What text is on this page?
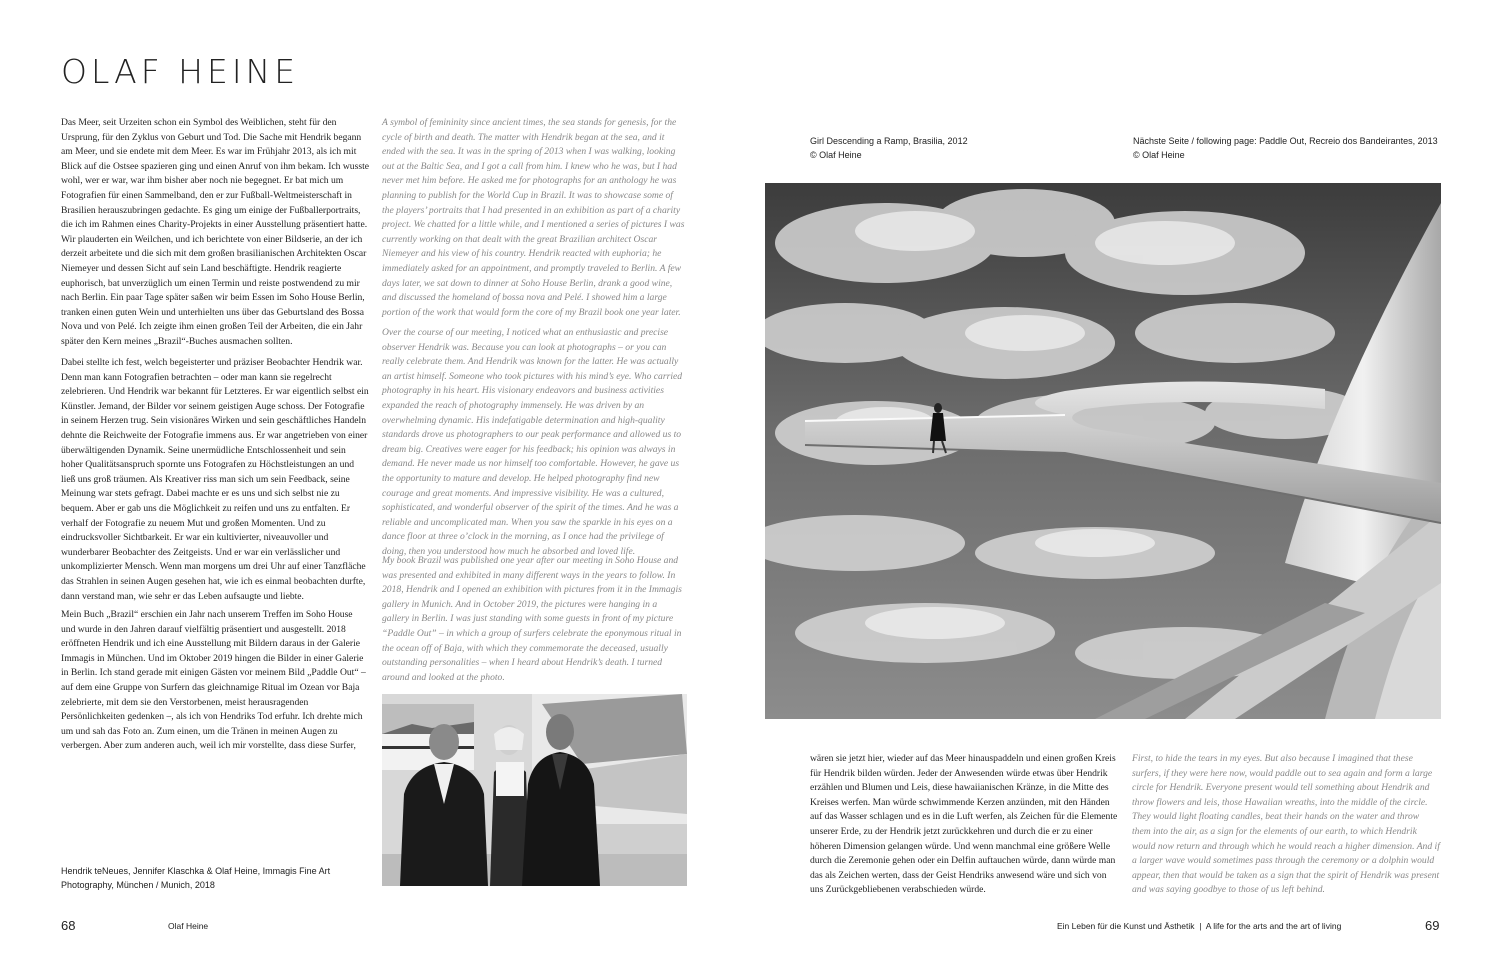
OLAF HEINE

Das Meer, seit Urzeiten schon ein Symbol des Weiblichen, steht für den Ursprung, für den Zyklus von Geburt und Tod. Die Sache mit Hendrik begann am Meer, und sie endete mit dem Meer. Es war im Frühjahr 2013, als ich mit Blick auf die Ostsee spazieren ging und einen Anruf von ihm bekam. Ich wusste wohl, wer er war, war ihm bisher aber noch nie begegnet. Er bat mich um Fotografien für einen Sammelband, den er zur Fußball-Weltmeisterschaft in Brasilien herauszubringen gedachte. Es ging um einige der Fußballerportraits, die ich im Rahmen eines Charity-Projekts in einer Ausstellung präsentiert hatte. Wir plauderten ein Weilchen, und ich berichtete von einer Bildserie, an der ich derzeit arbeitete und die sich mit dem großen brasilianischen Architekten Oscar Niemeyer und dessen Sicht auf sein Land beschäftigte. Hendrik reagierte euphorisch, bat unverzüglich um einen Termin und reiste postwendend zu mir nach Berlin. Ein paar Tage später saßen wir beim Essen im Soho House Berlin, tranken einen guten Wein und unterhielten uns über das Geburtsland des Bossa Nova und von Pelé. Ich zeigte ihm einen großen Teil der Arbeiten, die ein Jahr später den Kern meines „Brazil“-Buches ausmachen sollten.

Dabei stellte ich fest, welch begeisterter und präziser Beobachter Hendrik war. Denn man kann Fotografien betrachten – oder man kann sie regelrecht zelebrieren. Und Hendrik war bekannt für Letzteres. Er war eigentlich selbst ein Künstler. Jemand, der Bilder vor seinem geistigen Auge schoss. Der Fotografie in seinem Herzen trug. Sein visionäres Wirken und sein geschäftliches Handeln dehnte die Reichweite der Fotografie immens aus. Er war angetrieben von einer überwältigenden Dynamik. Seine unermüdliche Entschlossenheit und sein hoher Qualitätsanspruch spornte uns Fotografen zu Höchstleistungen an und ließ uns groß träumen. Als Kreativer riss man sich um sein Feedback, seine Meinung war stets gefragt. Dabei machte er es uns und sich selbst nie zu bequem. Aber er gab uns die Möglichkeit zu reifen und uns zu entfalten. Er verhalf der Fotografie zu neuem Mut und großen Momenten. Und zu eindrucksvoller Sichtbarkeit. Er war ein kultivierter, niveauvoller und wunderbarer Beobachter des Zeitgeists. Und er war ein verlässlicher und unkomplizierter Mensch. Wenn man morgens um drei Uhr auf einer Tanzfläche das Strahlen in seinen Augen gesehen hat, wie ich es einmal beobachten durfte, dann verstand man, wie sehr er das Leben aufsaugte und liebte.

Mein Buch „Brazil“ erschien ein Jahr nach unserem Treffen im Soho House und wurde in den Jahren darauf vielfältig präsentiert und ausgestellt. 2018 eröffneten Hendrik und ich eine Ausstellung mit Bildern daraus in der Galerie Immagis in München. Und im Oktober 2019 hingen die Bilder in einer Galerie in Berlin. Ich stand gerade mit einigen Gästen vor meinem Bild „Paddle Out“ – auf dem eine Gruppe von Surfern das gleichnamige Ritual im Ozean vor Baja zelebrierte, mit dem sie den Verstorbenen, meist herausragenden Persönlichkeiten gedenken –, als ich von Hendriks Tod erfuhr. Ich drehte mich um und sah das Foto an. Zum einen, um die Tränen in meinen Augen zu verbergen. Aber zum anderen auch, weil ich mir vorstellte, dass diese Surfer,

A symbol of femininity since ancient times, the sea stands for genesis, for the cycle of birth and death. The matter with Hendrik began at the sea, and it ended with the sea. It was in the spring of 2013 when I was walking, looking out at the Baltic Sea, and I got a call from him. I knew who he was, but I had never met him before. He asked me for photographs for an anthology he was planning to publish for the World Cup in Brazil. It was to showcase some of the players’ portraits that I had presented in an exhibition as part of a charity project. We chatted for a little while, and I mentioned a series of pictures I was currently working on that dealt with the great Brazilian architect Oscar Niemeyer and his view of his country. Hendrik reacted with euphoria; he immediately asked for an appointment, and promptly traveled to Berlin. A few days later, we sat down to dinner at Soho House Berlin, drank a good wine, and discussed the homeland of bossa nova and Pelé. I showed him a large portion of the work that would form the core of my Brazil book one year later.

Over the course of our meeting, I noticed what an enthusiastic and precise observer Hendrik was. Because you can look at photographs – or you can really celebrate them. And Hendrik was known for the latter. He was actually an artist himself. Someone who took pictures with his mind’s eye. Who carried photography in his heart. His visionary endeavors and business activities expanded the reach of photography immensely. He was driven by an overwhelming dynamic. His indefatigable determination and high-quality standards drove us photographers to our peak performance and allowed us to dream big. Creatives were eager for his feedback; his opinion was always in demand. He never made us nor himself too comfortable. However, he gave us the opportunity to mature and develop. He helped photography find new courage and great moments. And impressive visibility. He was a cultured, sophisticated, and wonderful observer of the spirit of the times. And he was a reliable and uncomplicated man. When you saw the sparkle in his eyes on a dance floor at three o’clock in the morning, as I once had the privilege of doing, then you understood how much he absorbed and loved life.

My book Brazil was published one year after our meeting in Soho House and was presented and exhibited in many different ways in the years to follow. In 2018, Hendrik and I opened an exhibition with pictures from it in the Immagis gallery in Munich. And in October 2019, the pictures were hanging in a gallery in Berlin. I was just standing with some guests in front of my picture “Paddle Out” – in which a group of surfers celebrate the eponymous ritual in the ocean off of Baja, with which they commemorate the deceased, usually outstanding personalities – when I heard about Hendrik’s death. I turned around and looked at the photo.

Hendrik teNeues, Jennifer Klaschka & Olaf Heine, Immagis Fine Art
Photography, München / Munich, 2018
68	Olaf Heine
Girl Descending a Ramp, Brasilia, 2012
© Olaf Heine
Nächste Seite / following page: Paddle Out, Recreio dos Bandeirantes, 2013
© Olaf Heine

wären sie jetzt hier, wieder auf das Meer hinauspaddeln und einen großen Kreis für Hendrik bilden würden. Jeder der Anwesenden würde etwas über Hendrik erzählen und Blumen und Leis, diese hawaiianischen Kränze, in die Mitte des Kreises werfen. Man würde schwimmende Kerzen anzünden, mit den Händen auf das Wasser schlagen und es in die Luft werfen, als Zeichen für die Elemente unserer Erde, zu der Hendrik jetzt zurückkehren und durch die er zu einer höheren Dimension gelangen würde. Und wenn manchmal eine größere Welle durch die Zeremonie gehen oder ein Delfin auftauchen würde, dann würde man das als Zeichen werten, dass der Geist Hendriks anwesend wäre und sich von uns Zurückgebliebenen verabschieden würde.

First, to hide the tears in my eyes. But also because I imagined that these surfers, if they were here now, would paddle out to sea again and form a large circle for Hendrik. Everyone present would tell something about Hendrik and throw flowers and leis, those Hawaiian wreaths, into the middle of the circle. They would light floating candles, beat their hands on the water and throw them into the air, as a sign for the elements of our earth, to which Hendrik would now return and through which he would reach a higher dimension. And if a larger wave would sometimes pass through the ceremony or a dolphin would appear, then that would be taken as a sign that the spirit of Hendrik was present and was saying goodbye to those of us left behind.

Ein Leben für die Kunst und Ästhetik  |  A life for the arts and the art of living	69
